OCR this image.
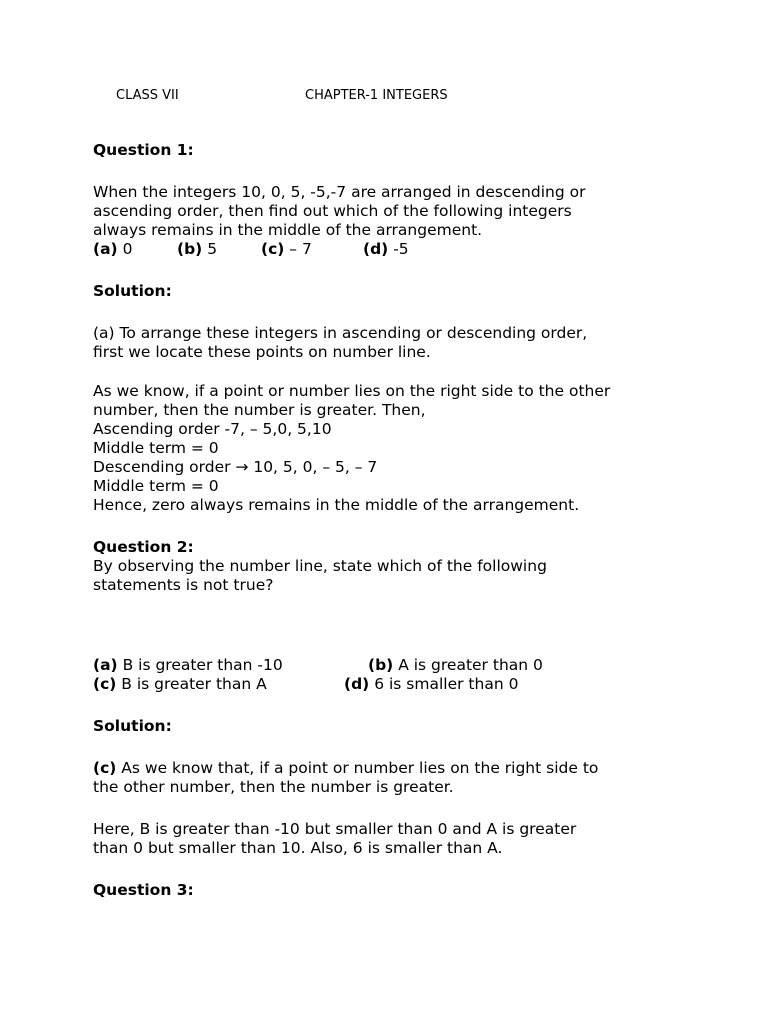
CLASS VII	CHAPTER-1 INTEGERS

Question 1:

When the integers 10, 0, 5, -5,-7 are arranged in descending or

ascending order, then find out which of the following integers

always remains in the middle of the arrangement.

(a) 0	(b) 5	(c) – 7	(d) -5

Solution:

(a) To arrange these integers in ascending or descending order,

first we locate these points on number line.

As we know, if a point or number lies on the right side to the other

number, then the number is greater. Then,

Ascending order -7, – 5,0, 5,10

Middle term = 0

Descending order → 10, 5, 0, – 5, – 7

Middle term = 0

Hence, zero always remains in the middle of the arrangement.

Question 2:

By observing the number line, state which of the following

statements is not true?

(a) B is greater than -10	(b) A is greater than 0
(c) B is greater than A	(d) 6 is smaller than 0

Solution:

(c) As we know that, if a point or number lies on the right side to

the other number, then the number is greater.

Here, B is greater than -10 but smaller than 0 and A is greater

than 0 but smaller than 10. Also, 6 is smaller than A.

Question 3:
